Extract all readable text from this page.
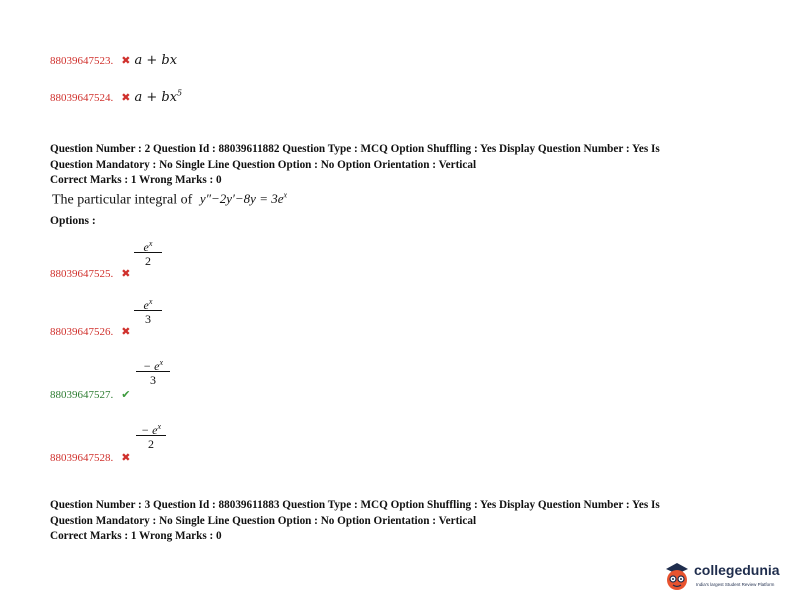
88039647523. ✖ a + bx
88039647524. ✖ $a + bx^5$
Question Number : 2 Question Id : 88039611882 Question Type : MCQ Option Shuffling : Yes Display Question Number : Yes Is
Question Mandatory : No Single Line Question Option : No Option Orientation : Vertical
Correct Marks : 1 Wrong Marks : 0
The particular integral of $y''-2y'-8y = 3e^x$
Options :
$e^x$
2
88039647525. ✖
$e^x$
3
88039647526. ✖
− $e^x$
3
88039647527. ✔
− $e^x$
2
88039647528. ✖
Question Number : 3 Question Id : 88039611883 Question Type : MCQ Option Shuffling : Yes Display Question Number : Yes Is
Question Mandatory : No Single Line Question Option : No Option Orientation : Vertical
Correct Marks : 1 Wrong Marks : 0
collegedunia
India's largest Student Review Platform
